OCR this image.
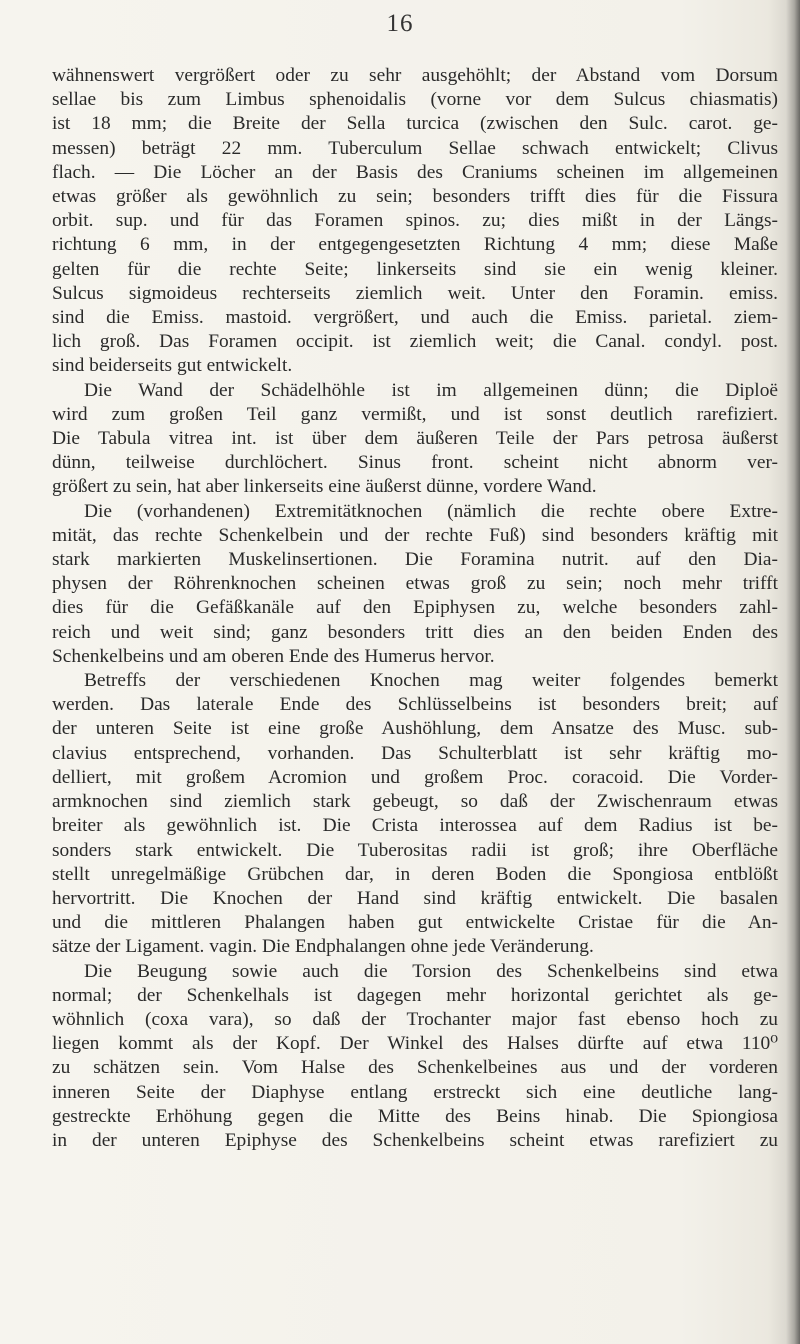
16
wähnenswert vergrößert oder zu sehr ausgehöhlt; der Abstand vom Dorsum
sellae bis zum Limbus sphenoidalis (vorne vor dem Sulcus chiasmatis)
ist 18 mm; die Breite der Sella turcica (zwischen den Sulc. carot. ge-
messen) beträgt 22 mm. Tuberculum Sellae schwach entwickelt; Clivus
flach. — Die Löcher an der Basis des Craniums scheinen im allgemeinen
etwas größer als gewöhnlich zu sein; besonders trifft dies für die Fissura
orbit. sup. und für das Foramen spinos. zu; dies mißt in der Längs-
richtung 6 mm, in der entgegengesetzten Richtung 4 mm; diese Maße
gelten für die rechte Seite; linkerseits sind sie ein wenig kleiner.
Sulcus sigmoideus rechterseits ziemlich weit. Unter den Foramin. emiss.
sind die Emiss. mastoid. vergrößert, und auch die Emiss. parietal. ziem-
lich groß. Das Foramen occipit. ist ziemlich weit; die Canal. condyl. post.
sind beiderseits gut entwickelt.
Die Wand der Schädelhöhle ist im allgemeinen dünn; die Diploë
wird zum großen Teil ganz vermißt, und ist sonst deutlich rarefiziert.
Die Tabula vitrea int. ist über dem äußeren Teile der Pars petrosa äußerst
dünn, teilweise durchlöchert. Sinus front. scheint nicht abnorm ver-
größert zu sein, hat aber linkerseits eine äußerst dünne, vordere Wand.
Die (vorhandenen) Extremitätknochen (nämlich die rechte obere Extre-
mität, das rechte Schenkelbein und der rechte Fuß) sind besonders kräftig mit
stark markierten Muskelinsertionen. Die Foramina nutrit. auf den Dia-
physen der Röhrenknochen scheinen etwas groß zu sein; noch mehr trifft
dies für die Gefäßkanäle auf den Epiphysen zu, welche besonders zahl-
reich und weit sind; ganz besonders tritt dies an den beiden Enden des
Schenkelbeins und am oberen Ende des Humerus hervor.
Betreffs der verschiedenen Knochen mag weiter folgendes bemerkt
werden. Das laterale Ende des Schlüsselbeins ist besonders breit; auf
der unteren Seite ist eine große Aushöhlung, dem Ansatze des Musc. sub-
clavius entsprechend, vorhanden. Das Schulterblatt ist sehr kräftig mo-
delliert, mit großem Acromion und großem Proc. coracoid. Die Vorder-
armknochen sind ziemlich stark gebeugt, so daß der Zwischenraum etwas
breiter als gewöhnlich ist. Die Crista interossea auf dem Radius ist be-
sonders stark entwickelt. Die Tuberositas radii ist groß; ihre Oberfläche
stellt unregelmäßige Grübchen dar, in deren Boden die Spongiosa entblößt
hervortritt. Die Knochen der Hand sind kräftig entwickelt. Die basalen
und die mittleren Phalangen haben gut entwickelte Cristae für die An-
sätze der Ligament. vagin. Die Endphalangen ohne jede Veränderung.
Die Beugung sowie auch die Torsion des Schenkelbeins sind etwa
normal; der Schenkelhals ist dagegen mehr horizontal gerichtet als ge-
wöhnlich (coxa vara), so daß der Trochanter major fast ebenso hoch zu
liegen kommt als der Kopf. Der Winkel des Halses dürfte auf etwa 110⁰
zu schätzen sein. Vom Halse des Schenkelbeines aus und der vorderen
inneren Seite der Diaphyse entlang erstreckt sich eine deutliche lang-
gestreckte Erhöhung gegen die Mitte des Beins hinab. Die Spiongiosa
in der unteren Epiphyse des Schenkelbeins scheint etwas rarefiziert zu
